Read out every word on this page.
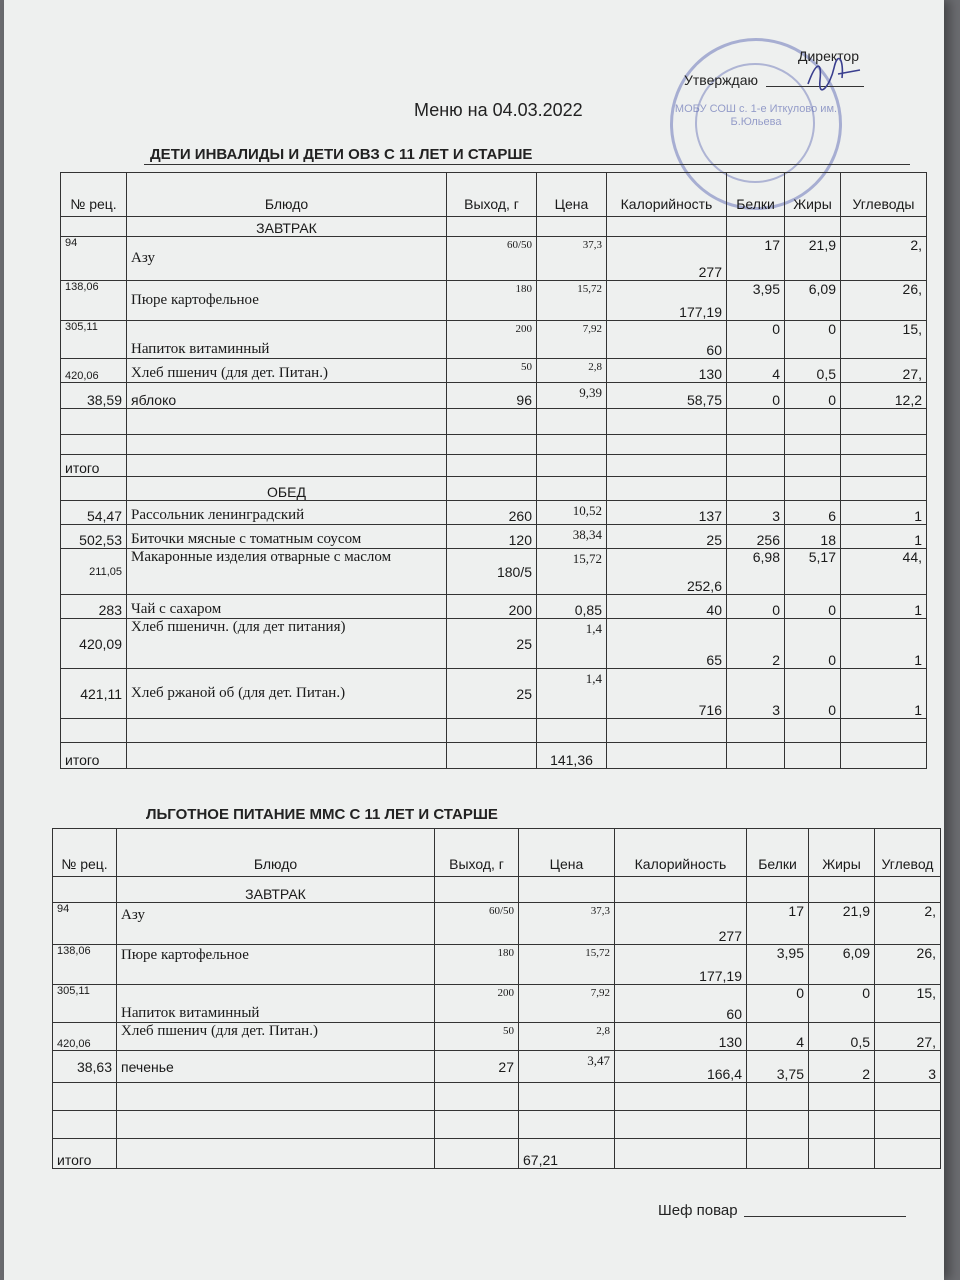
МОБУ СОШ с. 1-е Иткулово им. Б.Юльева
Директор
Утверждаю
Меню на 04.03.2022
ДЕТИ ИНВАЛИДЫ И ДЕТИ ОВЗ С 11 ЛЕТ И СТАРШЕ
№ рец.	Блюдо	Выход, г	Цена	Калорийность	Белки	Жиры	Углеводы
	ЗАВТРАК						
94	Азу	60/50	37,3	277	17	21,9	2,
138,06	Пюре картофельное	180	15,72	177,19	3,95	6,09	26,
305,11	Напиток витаминный	200	7,92	60	0	0	15,
420,06	Хлеб пшенич (для дет. Питан.)	50	2,8	130	4	0,5	27,
38,59	яблоко	96	9,39	58,75	0	0	12,2

итого							
	ОБЕД						
54,47	Рассольник ленинградский	260	10,52	137	3	6	1
502,53	Биточки мясные с томатным соусом	120	38,34	25	256	18	1
211,05	Макаронные изделия отварные с маслом	180/5	15,72	252,6	6,98	5,17	44,
283	Чай с сахаром	200	0,85	40	0	0	1
420,09	Хлеб пшеничн. (для дет питания)	25	1,4	65	2	0	1
421,11	Хлеб ржаной об (для дет. Питан.)	25	1,4	716	3	0	1

итого			141,36				
ЛЬГОТНОЕ ПИТАНИЕ ММС С 11 ЛЕТ И СТАРШЕ
№ рец.	Блюдо	Выход, г	Цена	Калорийность	Белки	Жиры	Углевод
	ЗАВТРАК						
94	Азу	60/50	37,3	277	17	21,9	2,
138,06	Пюре картофельное	180	15,72	177,19	3,95	6,09	26,
305,11	Напиток витаминный	200	7,92	60	0	0	15,
420,06	Хлеб пшенич (для дет. Питан.)	50	2,8	130	4	0,5	27,
38,63	печенье	27	3,47	166,4	3,75	2	3

итого			67,21				
Шеф повар
